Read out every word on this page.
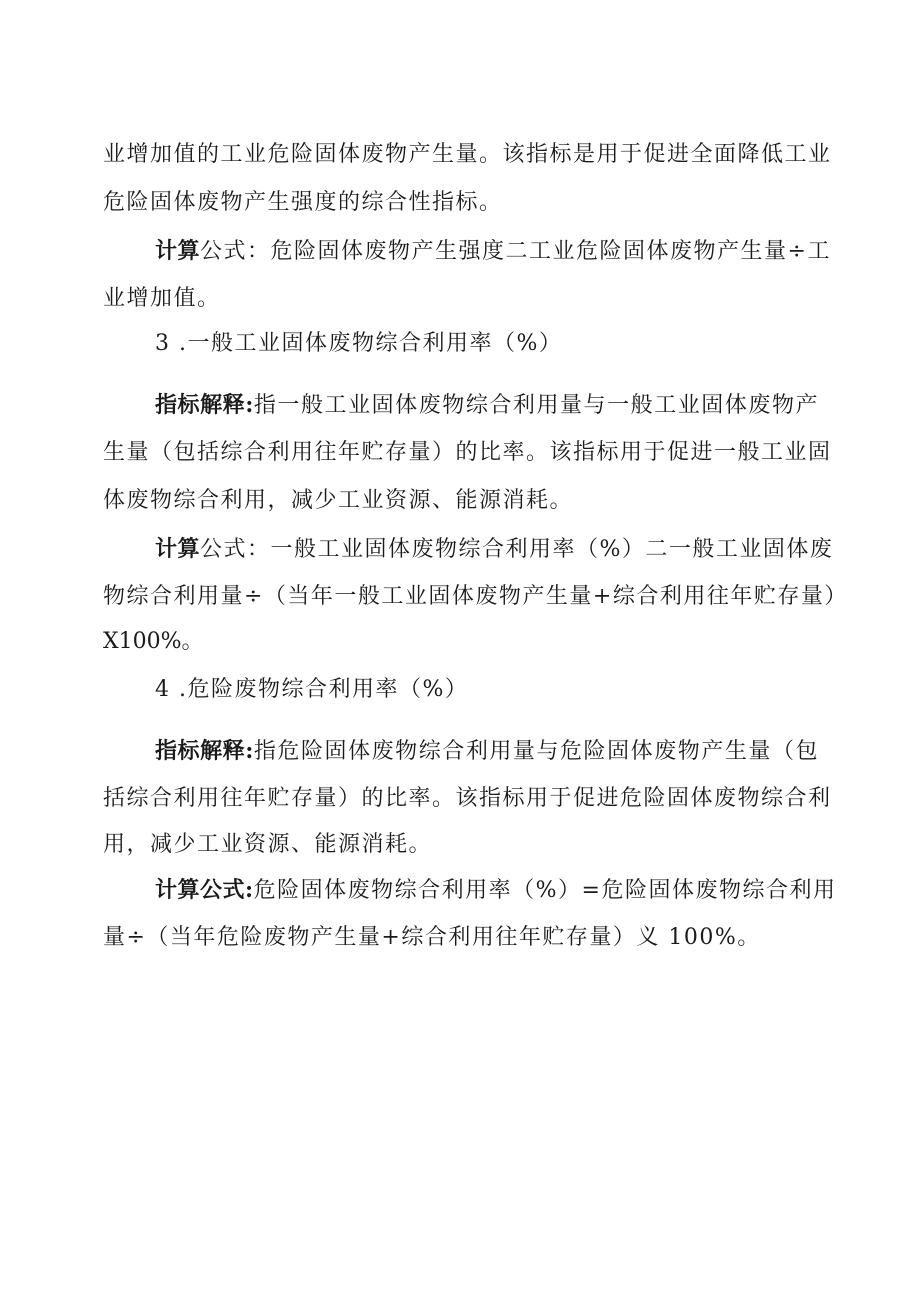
业增加值的工业危险固体废物产生量。该指标是用于促进全面降低工业
危险固体废物产生强度的综合性指标。
计算公式：危险固体废物产生强度二工业危险固体废物产生量÷工
业增加值。
3 .一般工业固体废物综合利用率（%）
指标解释:指一般工业固体废物综合利用量与一般工业固体废物产
生量（包括综合利用往年贮存量）的比率。该指标用于促进一般工业固
体废物综合利用，减少工业资源、能源消耗。
计算公式：一般工业固体废物综合利用率（%）二一般工业固体废
物综合利用量÷（当年一般工业固体废物产生量+综合利用往年贮存量）
X100%。
4 .危险废物综合利用率（%）
指标解释:指危险固体废物综合利用量与危险固体废物产生量（包
括综合利用往年贮存量）的比率。该指标用于促进危险固体废物综合利
用，减少工业资源、能源消耗。
计算公式:危险固体废物综合利用率（%）=危险固体废物综合利用
量÷（当年危险废物产生量+综合利用往年贮存量）义 100%。
